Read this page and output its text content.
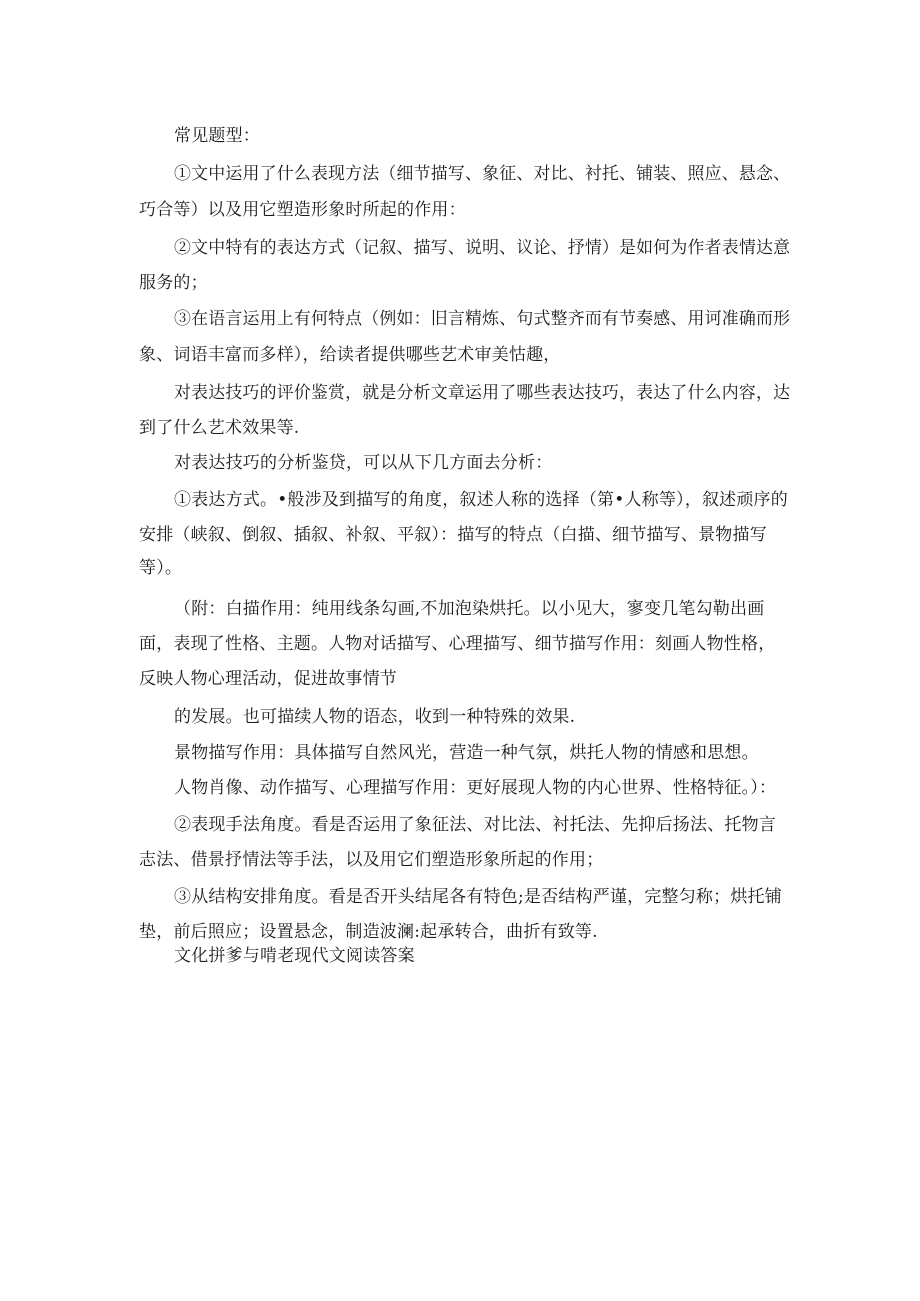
常见题型：
①文中运用了什么表现方法（细节描写、象征、对比、衬托、铺装、照应、悬念、
巧合等）以及用它塑造形象时所起的作用：
②文中特有的表达方式（记叙、描写、说明、议论、抒情）是如何为作者表情达意
服务的；
③在语言运用上有何特点（例如：旧言精炼、句式整齐而有节奏感、用诃准确而形
象、词语丰富而多样），给读者提供哪些艺术审美怙趣，
对表达技巧的评价鉴赏，就是分析文章运用了哪些表达技巧，表达了什么内容，达
到了什么艺术效果等.
对表达技巧的分析鉴贷，可以从下几方面去分析：
①表达方式。•般涉及到描写的角度，叙述人称的选择（第•人称等），叙述顽序的
安排（峡叙、倒叙、插叙、补叙、平叙）：描写的特点（白描、细节描写、景物描写
等）。
（附：白描作用：纯用线条勾画,不加泡染烘托。以小见大，寥变几笔勾勒出画
面，表现了性格、主题。人物对话描写、心理描写、细节描写作用：刻画人物性格，
反映人物心理活动，促进故事情节
的发展。也可描续人物的语态，收到一种特殊的效果.
景物描写作用：具体描写自然风光，营造一种气氛，烘托人物的情感和思想。
人物肖像、动作描写、心理描写作用：更好展现人物的内心世界、性格特征。）：
②表现手法角度。看是否运用了象征法、对比法、衬托法、先抑后扬法、托物言
志法、借景抒情法等手法，以及用它们塑造形象所起的作用；
③从结构安排角度。看是否开头结尾各有特色;是否结构严谨，完整匀称；烘托铺
垫，前后照应；设置悬念，制造波澜:起承转合，曲折有致等.
文化拼爹与啃老现代文阅读答案
